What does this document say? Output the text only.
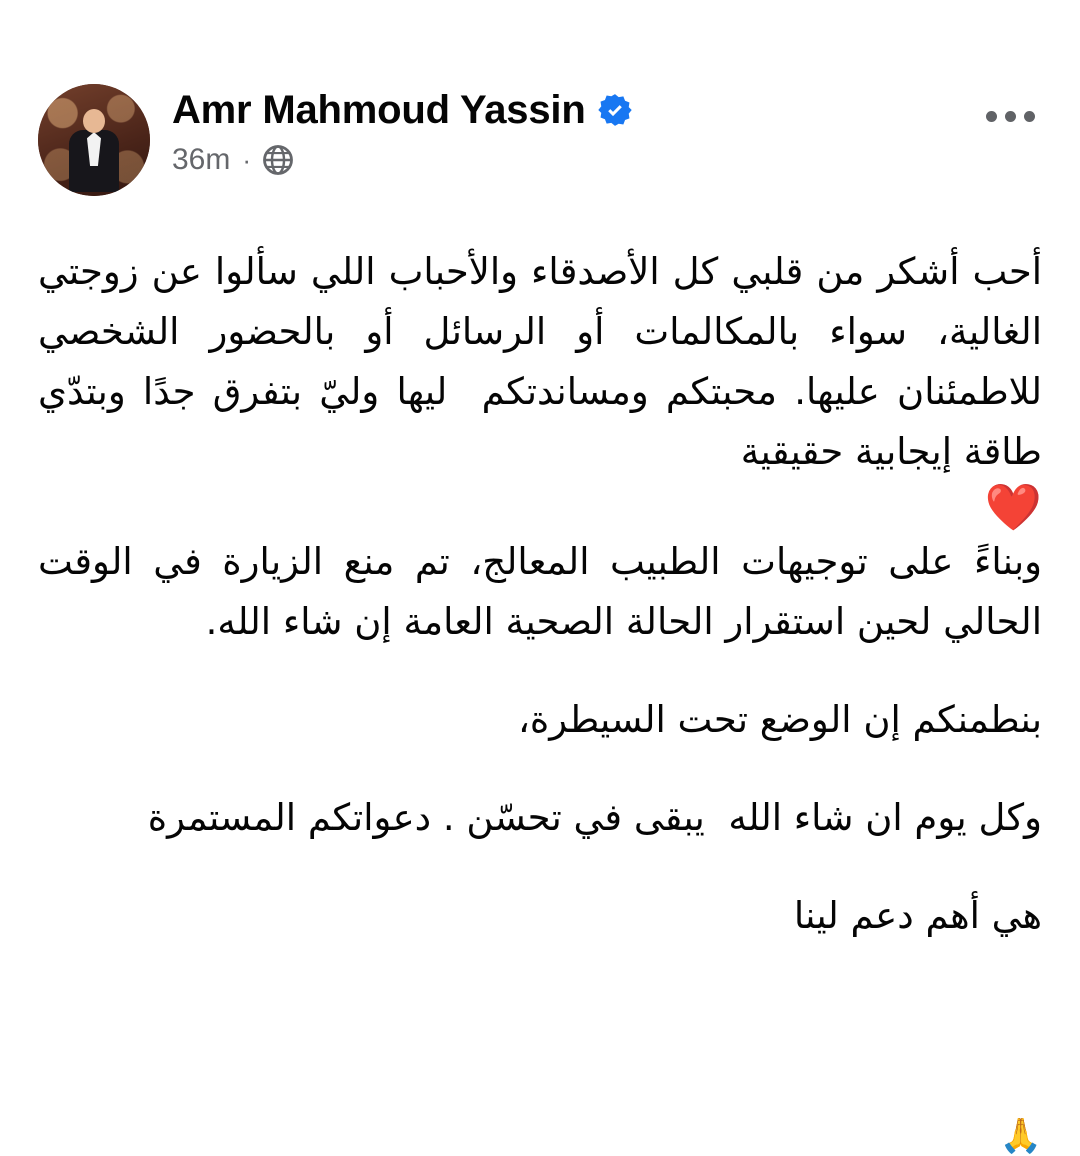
Amr Mahmoud Yassin
36m ·

أحب أشكر من قلبي كل الأصدقاء والأحباب اللي سألوا عن زوجتي الغالية، سواء بالمكالمات أو الرسائل أو بالحضور الشخصي للاطمئنان عليها. محبتكم ومساندتكم  ليها وليّ بتفرق جدًا وبتدّي طاقة إيجابية حقيقية

❤️

وبناءً على توجيهات الطبيب المعالج، تم منع الزيارة في الوقت الحالي لحين استقرار الحالة الصحية العامة إن شاء الله.

بنطمنكم إن الوضع تحت السيطرة،

وكل يوم ان شاء الله  يبقى في تحسّن . دعواتكم المستمرة

هي أهم دعم لينا

🙏
